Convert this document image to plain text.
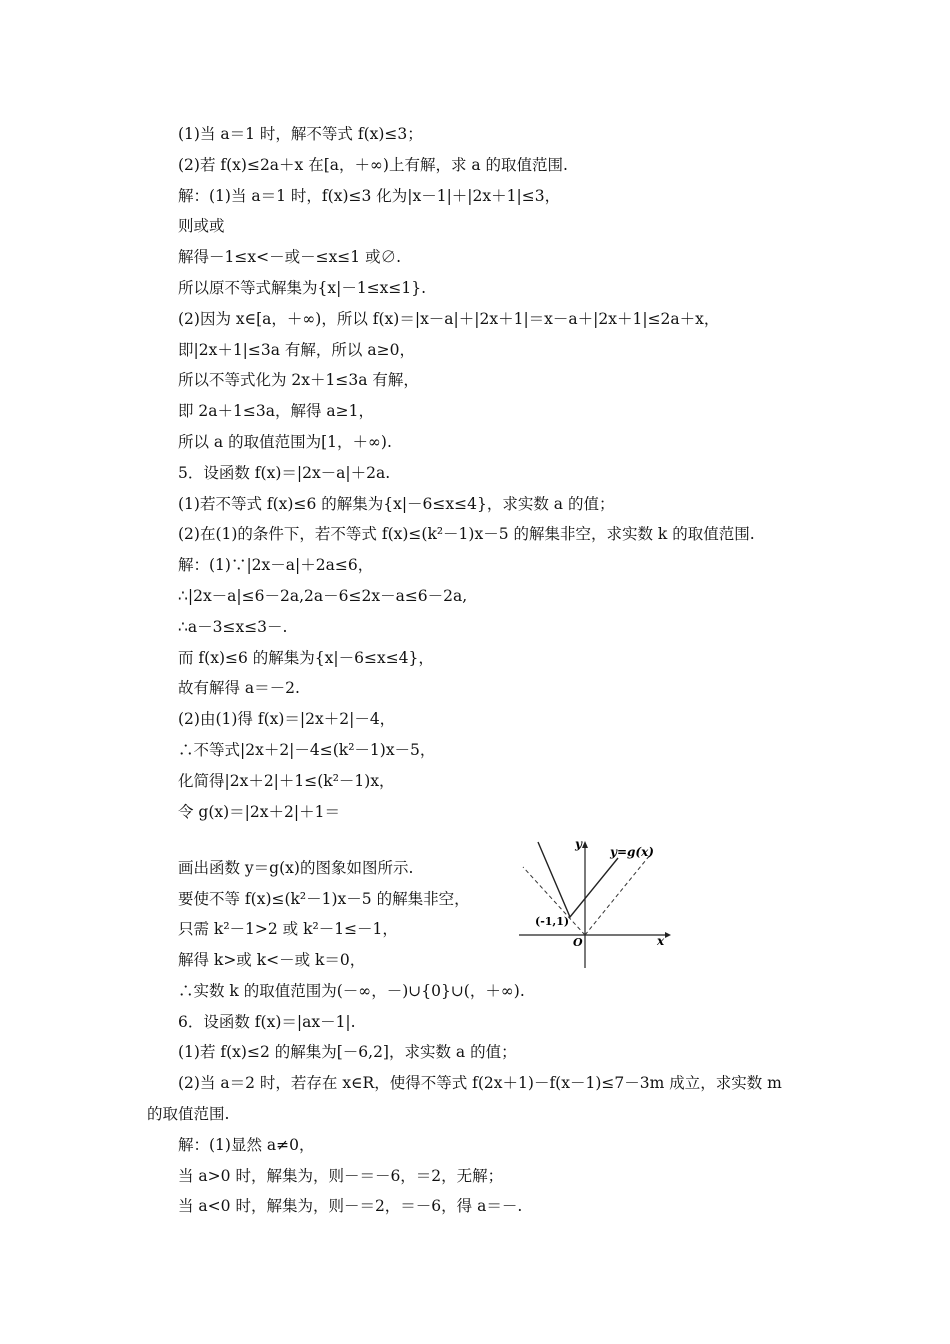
(1)当 a＝1 时，解不等式 f(x)≤3；
(2)若 f(x)≤2a＋x 在[a，＋∞)上有解，求 a 的取值范围.
解：(1)当 a＝1 时，f(x)≤3 化为|x－1|＋|2x＋1|≤3，
则或或
解得－1≤x<－或－≤x≤1 或∅.
所以原不等式解集为{x|－1≤x≤1}.
(2)因为 x∈[a，＋∞)，所以 f(x)＝|x－a|＋|2x＋1|＝x－a＋|2x＋1|≤2a＋x，
即|2x＋1|≤3a 有解，所以 a≥0，
所以不等式化为 2x＋1≤3a 有解，
即 2a＋1≤3a，解得 a≥1，
所以 a 的取值范围为[1，＋∞).
5．设函数 f(x)＝|2x－a|＋2a.
(1)若不等式 f(x)≤6 的解集为{x|－6≤x≤4}，求实数 a 的值；
(2)在(1)的条件下，若不等式 f(x)≤(k²－1)x－5 的解集非空，求实数 k 的取值范围.
解：(1)∵|2x－a|＋2a≤6，
∴|2x－a|≤6－2a,2a－6≤2x－a≤6－2a,
∴a－3≤x≤3－.
而 f(x)≤6 的解集为{x|－6≤x≤4}，
故有解得 a＝－2.
(2)由(1)得 f(x)＝|2x＋2|－4，
∴不等式|2x＋2|－4≤(k²－1)x－5，
化简得|2x＋2|＋1≤(k²－1)x，
令 g(x)＝|2x＋2|＋1＝
画出函数 y＝g(x)的图象如图所示.
要使不等 f(x)≤(k²－1)x－5 的解集非空，
只需 k²－1>2 或 k²－1≤－1，
解得 k>或 k<－或 k＝0，
∴实数 k 的取值范围为(－∞，－)∪{0}∪(，＋∞).
6．设函数 f(x)＝|ax－1|.
(1)若 f(x)≤2 的解集为[－6,2]，求实数 a 的值；
(2)当 a＝2 时，若存在 x∈R，使得不等式 f(2x＋1)－f(x－1)≤7－3m 成立，求实数 m
的取值范围.
解：(1)显然 a≠0，
当 a>0 时，解集为，则－＝－6，＝2，无解；
当 a<0 时，解集为，则－＝2，＝－6，得 a＝－.
y
y=g(x)
(-1,1)
O	x
